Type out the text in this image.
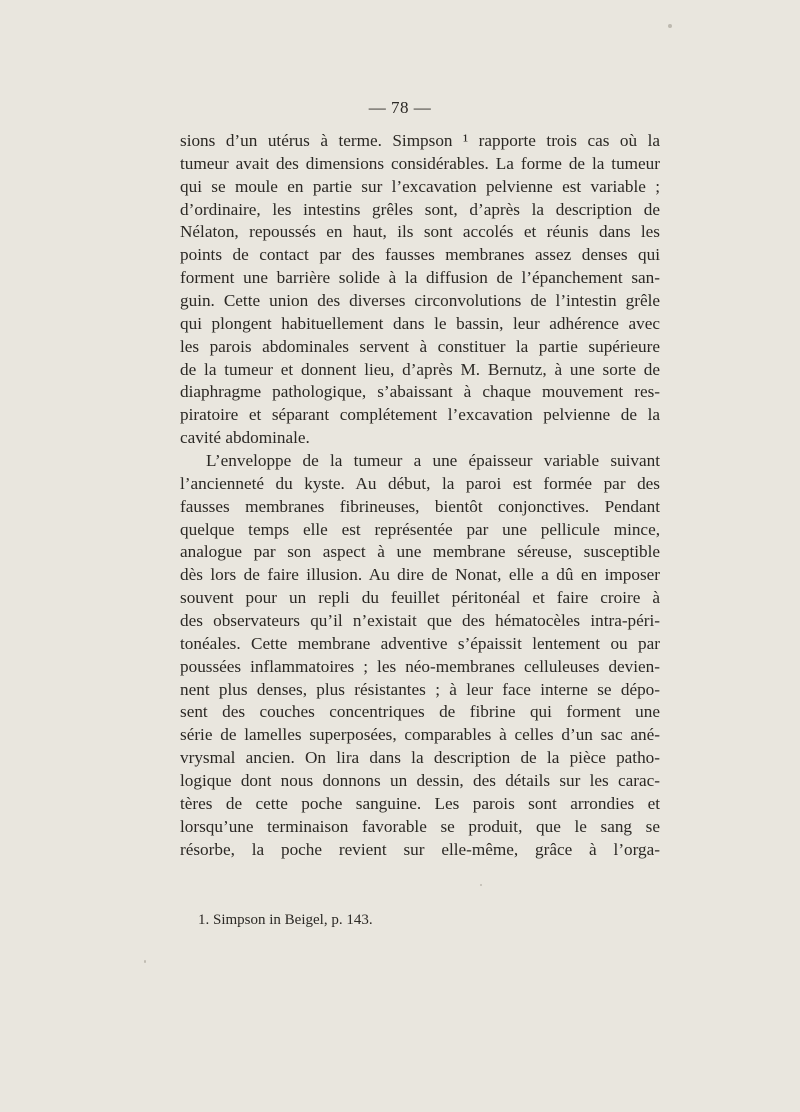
— 78 —
sions d’un utérus à terme. Simpson ¹ rapporte trois cas où la
tumeur avait des dimensions considérables. La forme de la tumeur
qui se moule en partie sur l’excavation pelvienne est variable ;
d’ordinaire, les intestins grêles sont, d’après la description de
Nélaton, repoussés en haut, ils sont accolés et réunis dans les
points de contact par des fausses membranes assez denses qui
forment une barrière solide à la diffusion de l’épanchement san-
guin. Cette union des diverses circonvolutions de l’intestin grêle
qui plongent habituellement dans le bassin, leur adhérence avec
les parois abdominales servent à constituer la partie supérieure
de la tumeur et donnent lieu, d’après M. Bernutz, à une sorte de
diaphragme pathologique, s’abaissant à chaque mouvement res-
piratoire et séparant complétement l’excavation pelvienne de la
cavité abdominale.
L’enveloppe de la tumeur a une épaisseur variable suivant
l’ancienneté du kyste. Au début, la paroi est formée par des
fausses membranes fibrineuses, bientôt conjonctives. Pendant
quelque temps elle est représentée par une pellicule mince,
analogue par son aspect à une membrane séreuse, susceptible
dès lors de faire illusion. Au dire de Nonat, elle a dû en imposer
souvent pour un repli du feuillet péritonéal et faire croire à
des observateurs qu’il n’existait que des hématocèles intra-péri-
tonéales. Cette membrane adventive s’épaissit lentement ou par
poussées inflammatoires ; les néo-membranes celluleuses devien-
nent plus denses, plus résistantes ; à leur face interne se dépo-
sent des couches concentriques de fibrine qui forment une
série de lamelles superposées, comparables à celles d’un sac ané-
vrysmal ancien. On lira dans la description de la pièce patho-
logique dont nous donnons un dessin, des détails sur les carac-
tères de cette poche sanguine. Les parois sont arrondies et
lorsqu’une terminaison favorable se produit, que le sang se
résorbe, la poche revient sur elle-même, grâce à l’orga-
1. Simpson in Beigel, p. 143.
